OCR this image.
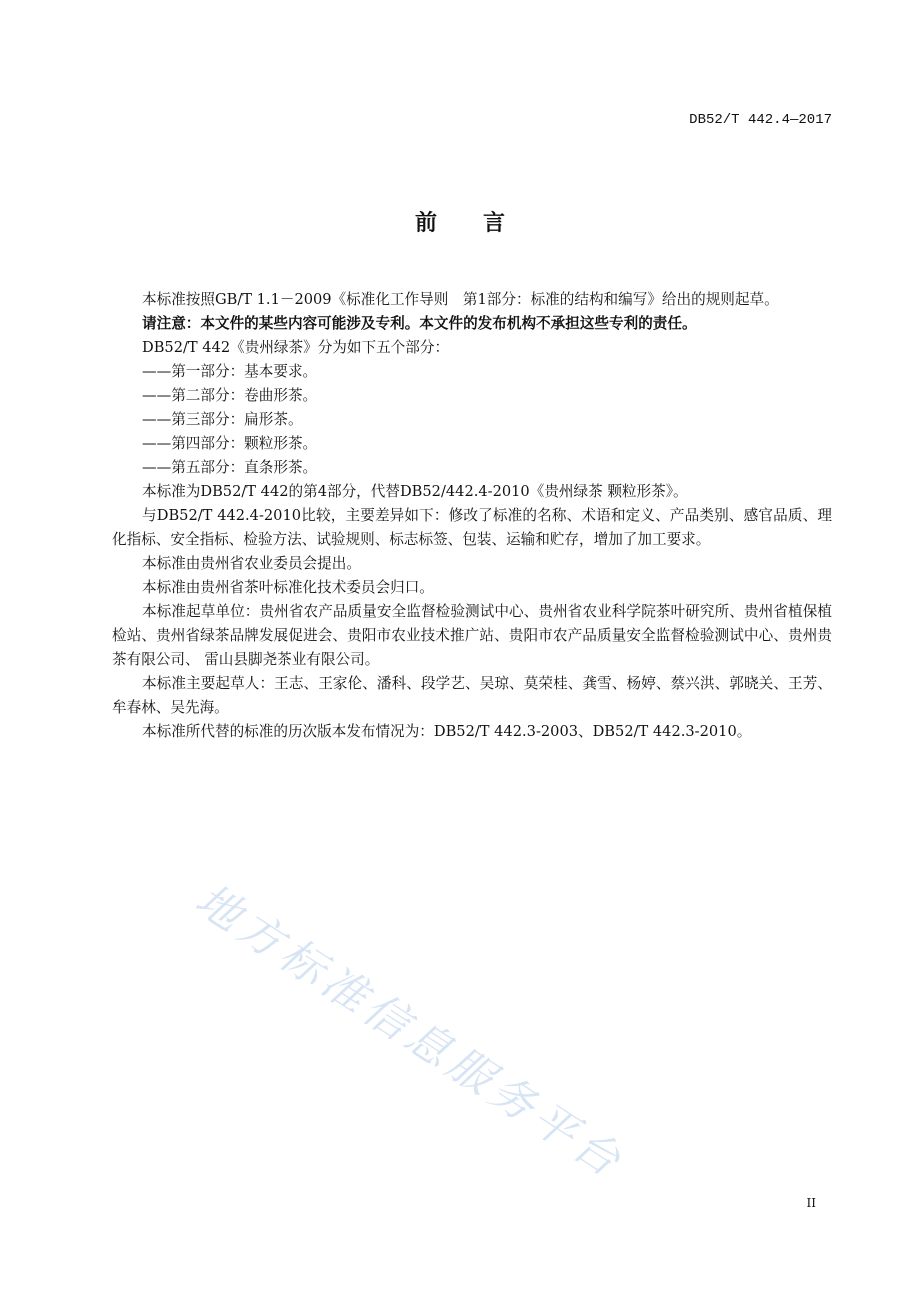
DB52/T 442.4—2017
前言

本标准按照GB/T 1.1－2009《标准化工作导则　第1部分：标准的结构和编写》给出的规则起草。

请注意：本文件的某些内容可能涉及专利。本文件的发布机构不承担这些专利的责任。

DB52/T 442《贵州绿茶》分为如下五个部分：

——第一部分：基本要求。

——第二部分：卷曲形茶。

——第三部分：扁形茶。

——第四部分：颗粒形茶。

——第五部分：直条形茶。

本标准为DB52/T 442的第4部分，代替DB52/442.4-2010《贵州绿茶 颗粒形茶》。

与DB52/T 442.4-2010比较，主要差异如下：修改了标准的名称、术语和定义、产品类别、感官品质、理化指标、安全指标、检验方法、试验规则、标志标签、包装、运输和贮存，增加了加工要求。

本标准由贵州省农业委员会提出。

本标准由贵州省茶叶标准化技术委员会归口。

本标准起草单位：贵州省农产品质量安全监督检验测试中心、贵州省农业科学院茶叶研究所、贵州省植保植检站、贵州省绿茶品牌发展促进会、贵阳市农业技术推广站、贵阳市农产品质量安全监督检验测试中心、贵州贵茶有限公司、 雷山县脚尧茶业有限公司。

本标准主要起草人：王志、王家伦、潘科、段学艺、吴琼、莫荣桂、龚雪、杨婷、蔡兴洪、郭晓关、王芳、牟春林、吴先海。

本标准所代替的标准的历次版本发布情况为：DB52/T 442.3-2003、DB52/T 442.3-2010。

地方标准信息服务平台
II
